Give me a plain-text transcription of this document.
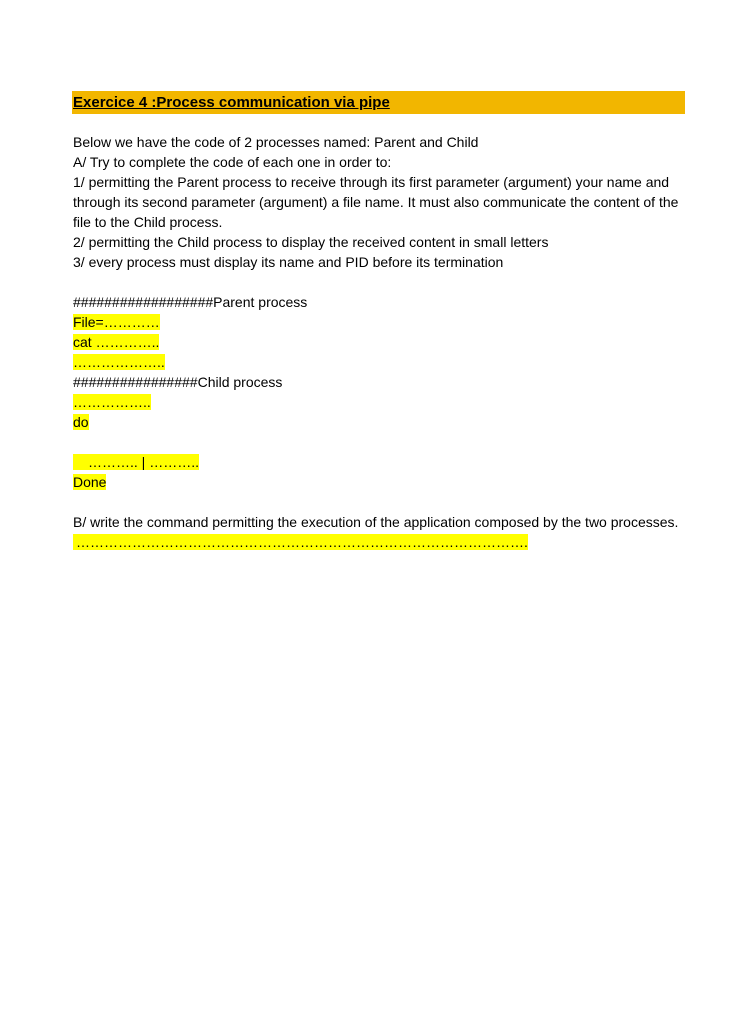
Exercice 4 :Process communication via pipe
Below we have the code of 2 processes named: Parent and Child
A/ Try to complete the code of each one in order to:
1/ permitting the Parent process to receive through its first parameter (argument) your name and through its second parameter (argument) a file name. It must also communicate the content of the file to the Child process.
2/ permitting the Child process to display the received content in small letters
3/ every process must display its name and PID before its termination
##################Parent process
File=…………
cat …………..
………………..
################Child process
……………..
do
……….. | ………..
Done
B/ write the command permitting the execution of the application composed by the two processes.
…………………………………………………………………………………….
